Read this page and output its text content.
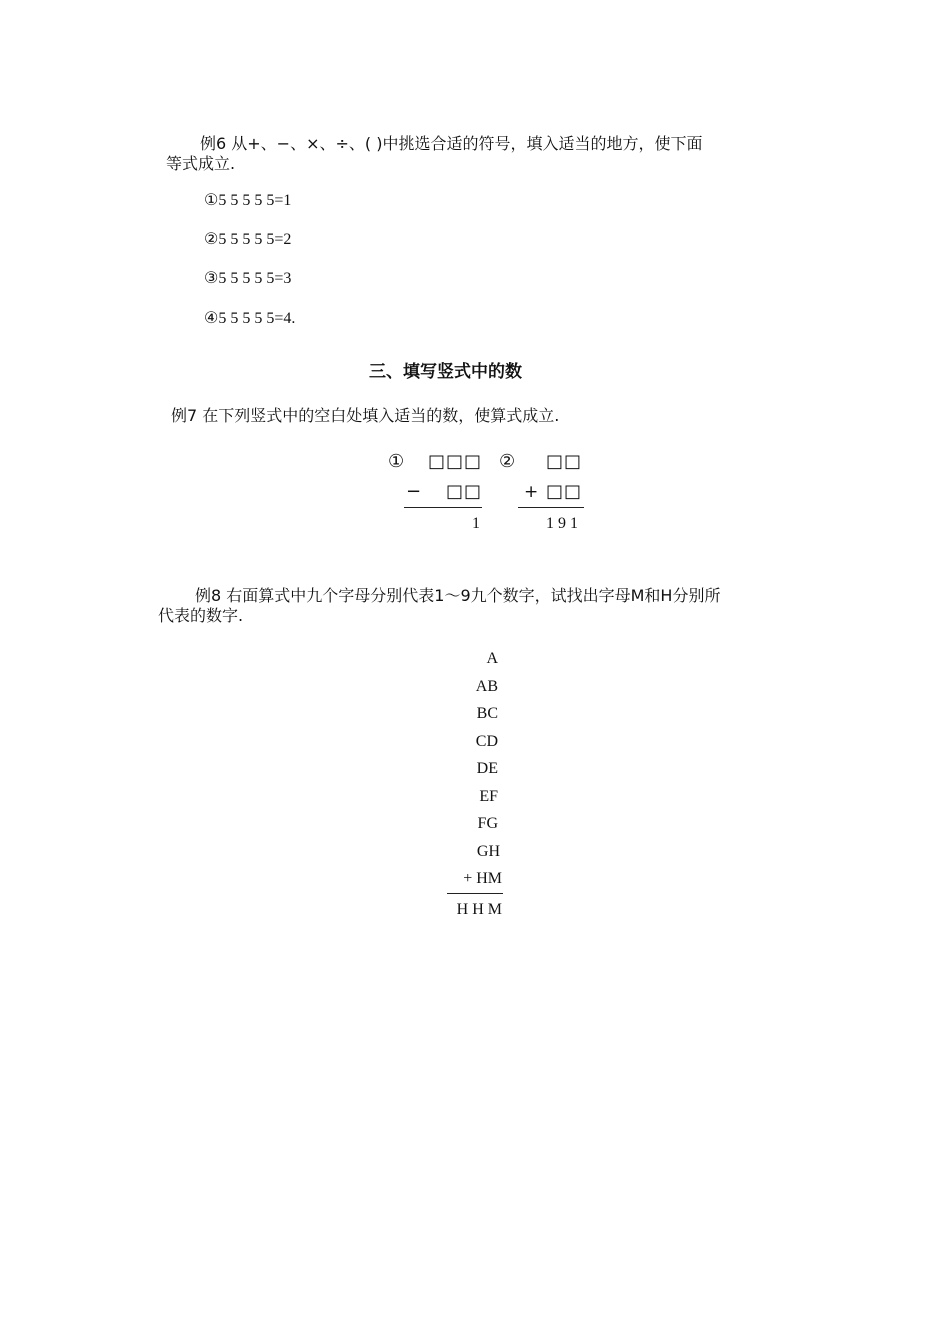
例6 从+、−、×、÷、( )中挑选合适的符号，填入适当的地方，使下面
等式成立.
①5 5 5 5 5=1
②5 5 5 5 5=2
③5 5 5 5 5=3
④5 5 5 5 5=4.
三、填写竖式中的数
例7 在下列竖式中的空白处填入适当的数，使算式成立.
①	□□□
−	□□
1
②	□□
+ □□
1 9 1
例8 右面算式中九个字母分别代表1～9九个数字，试找出字母M和H分别所
代表的数字.
A
AB
BC
CD
DE
EF
FG
GH
+ HM
H H M
